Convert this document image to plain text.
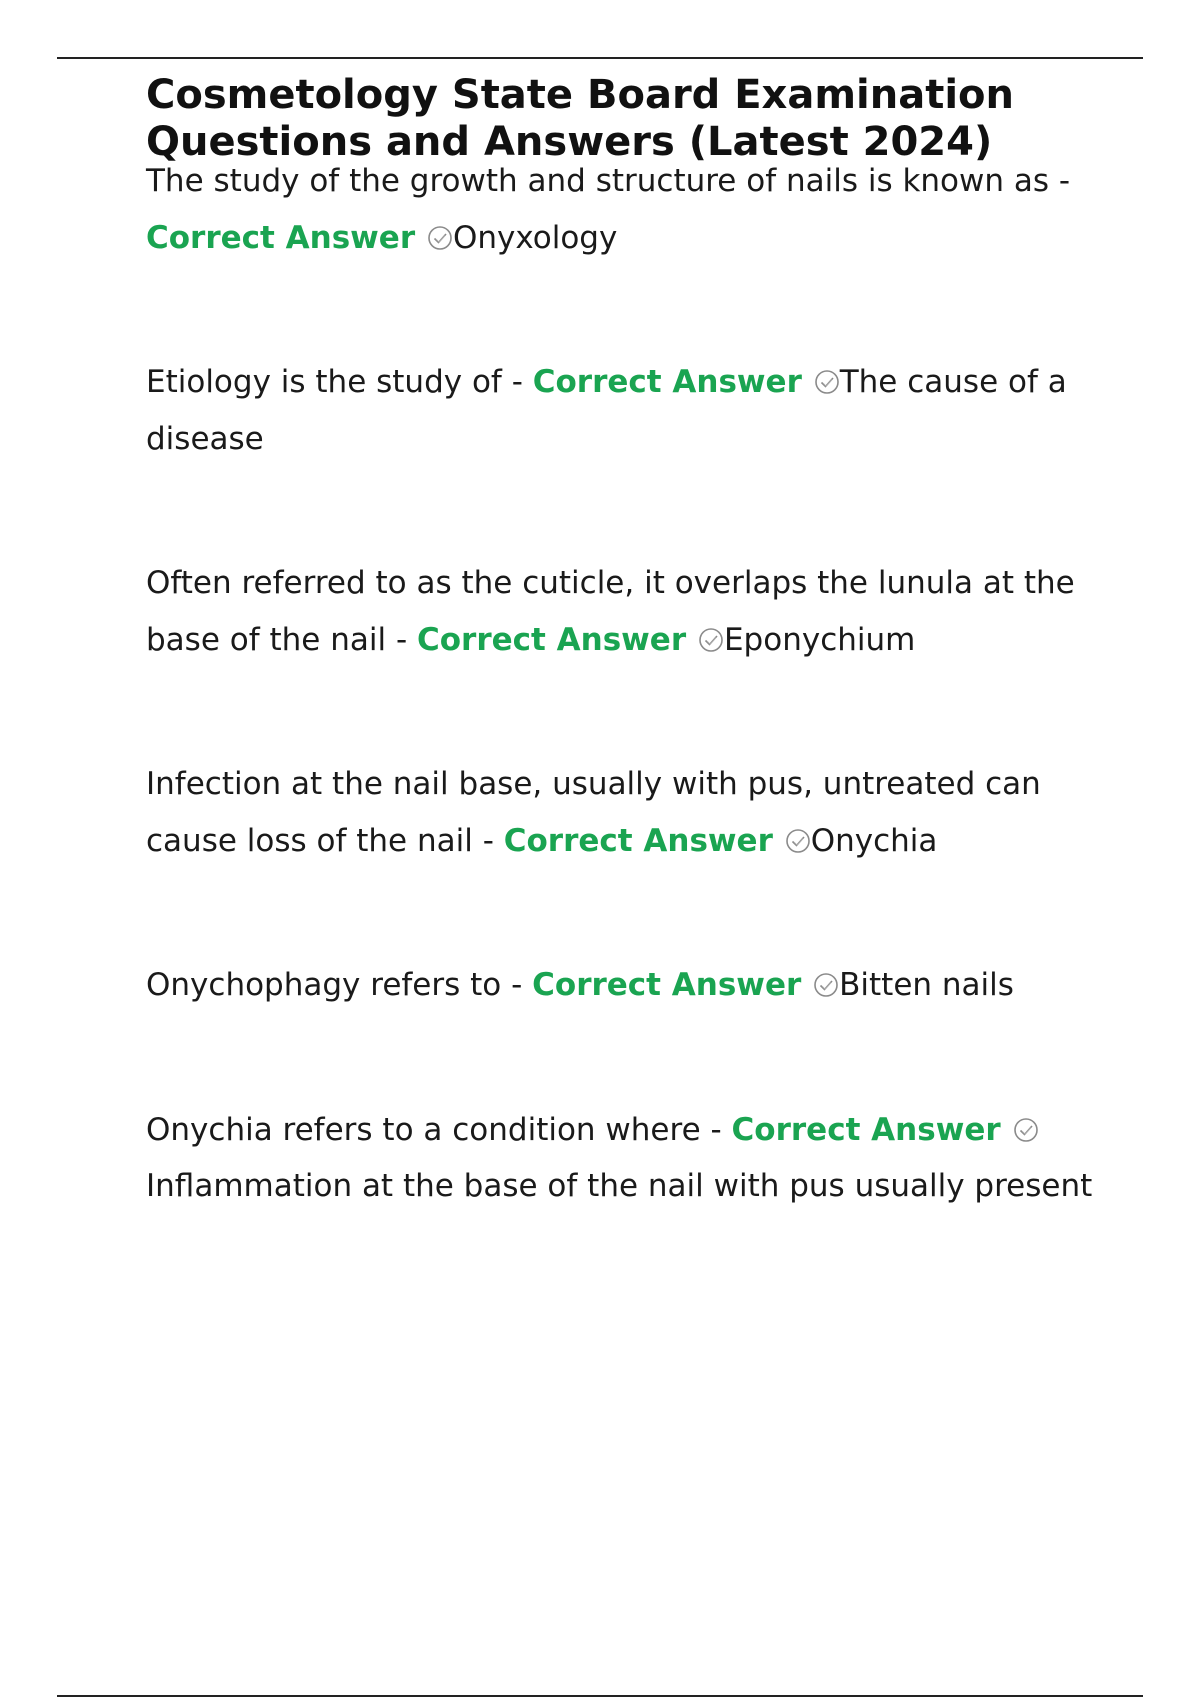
Cosmetology State Board Examination Questions and Answers (Latest 2024)

The study of the growth and structure of nails is known as - Correct Answer Onyxology

Etiology is the study of - Correct Answer The cause of a disease

Often referred to as the cuticle, it overlaps the lunula at the base of the nail - Correct Answer Eponychium

Infection at the nail base, usually with pus, untreated can cause loss of the nail - Correct Answer Onychia

Onychophagy refers to - Correct Answer Bitten nails

Onychia refers to a condition where - Correct Answer
Inflammation at the base of the nail with pus usually present
